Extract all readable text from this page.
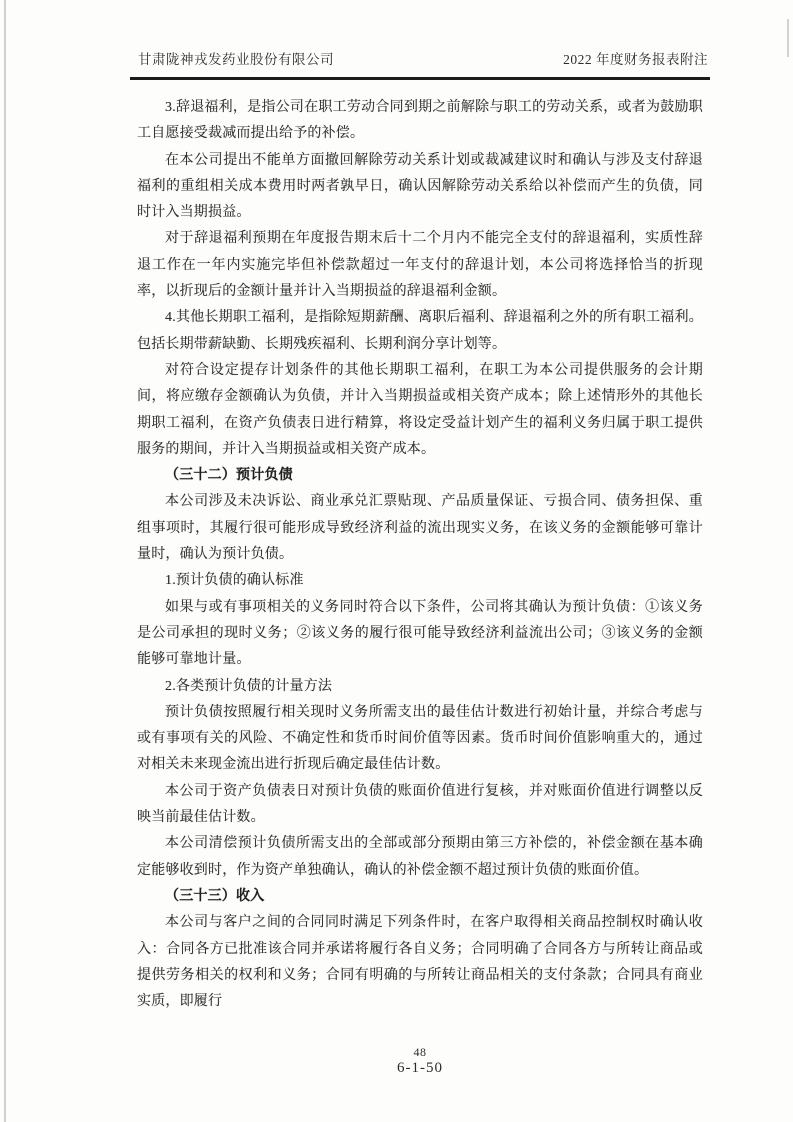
甘肃陇神戎发药业股份有限公司	2022 年度财务报表附注

3.辞退福利，是指公司在职工劳动合同到期之前解除与职工的劳动关系，或者为鼓励职工自愿接受裁减而提出给予的补偿。

在本公司提出不能单方面撤回解除劳动关系计划或裁减建议时和确认与涉及支付辞退福利的重组相关成本费用时两者孰早日，确认因解除劳动关系给以补偿而产生的负债，同时计入当期损益。

对于辞退福利预期在年度报告期末后十二个月内不能完全支付的辞退福利，实质性辞退工作在一年内实施完毕但补偿款超过一年支付的辞退计划，本公司将选择恰当的折现率，以折现后的金额计量并计入当期损益的辞退福利金额。

4.其他长期职工福利，是指除短期薪酬、离职后福利、辞退福利之外的所有职工福利。包括长期带薪缺勤、长期残疾福利、长期利润分享计划等。

对符合设定提存计划条件的其他长期职工福利，在职工为本公司提供服务的会计期间，将应缴存金额确认为负债，并计入当期损益或相关资产成本；除上述情形外的其他长期职工福利，在资产负债表日进行精算，将设定受益计划产生的福利义务归属于职工提供服务的期间，并计入当期损益或相关资产成本。

（三十二）预计负债

本公司涉及未决诉讼、商业承兑汇票贴现、产品质量保证、亏损合同、债务担保、重组事项时，其履行很可能形成导致经济利益的流出现实义务，在该义务的金额能够可靠计量时，确认为预计负债。

1.预计负债的确认标准

如果与或有事项相关的义务同时符合以下条件，公司将其确认为预计负债：①该义务是公司承担的现时义务；②该义务的履行很可能导致经济利益流出公司；③该义务的金额能够可靠地计量。

2.各类预计负债的计量方法

预计负债按照履行相关现时义务所需支出的最佳估计数进行初始计量，并综合考虑与或有事项有关的风险、不确定性和货币时间价值等因素。货币时间价值影响重大的，通过对相关未来现金流出进行折现后确定最佳估计数。

本公司于资产负债表日对预计负债的账面价值进行复核，并对账面价值进行调整以反映当前最佳估计数。

本公司清偿预计负债所需支出的全部或部分预期由第三方补偿的，补偿金额在基本确定能够收到时，作为资产单独确认，确认的补偿金额不超过预计负债的账面价值。

（三十三）收入

本公司与客户之间的合同同时满足下列条件时，在客户取得相关商品控制权时确认收入：合同各方已批准该合同并承诺将履行各自义务；合同明确了合同各方与所转让商品或提供劳务相关的权利和义务；合同有明确的与所转让商品相关的支付条款；合同具有商业实质，即履行

48
6-1-50
